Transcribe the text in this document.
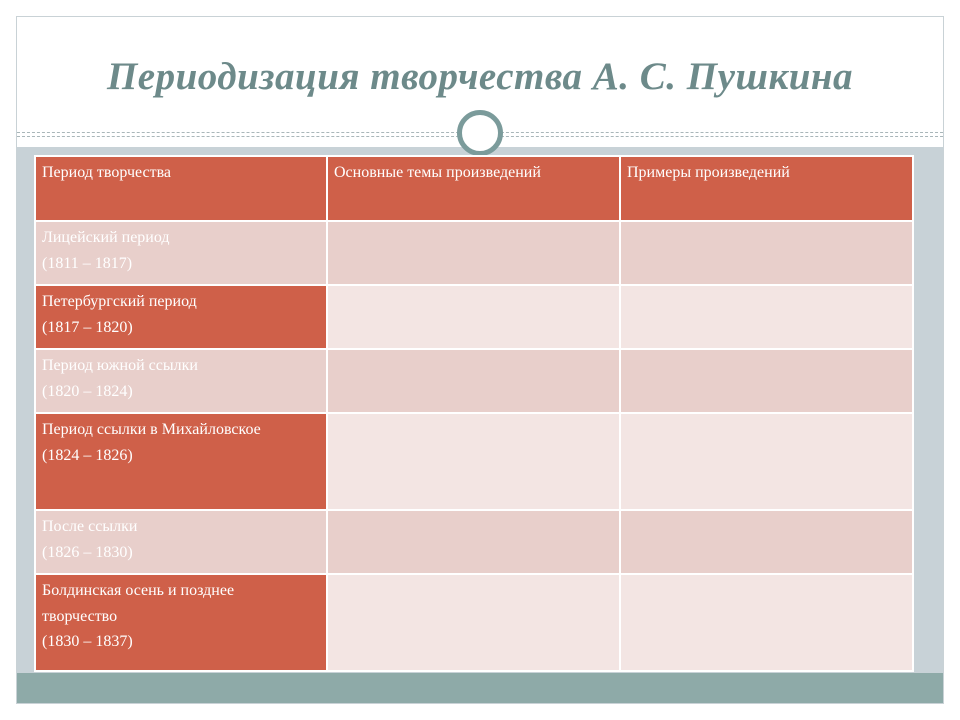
Периодизация творчества А. С. Пушкина
Период творчества	Основные темы произведений	Примеры произведений

Лицейский период
(1811 – 1817)		

Петербургский период
(1817 – 1820)		

Период южной ссылки
(1820 – 1824)		

Период ссылки в Михайловское
(1824 – 1826)		

После ссылки
(1826 – 1830)		

Болдинская осень и позднее
творчество
(1830 – 1837)		
